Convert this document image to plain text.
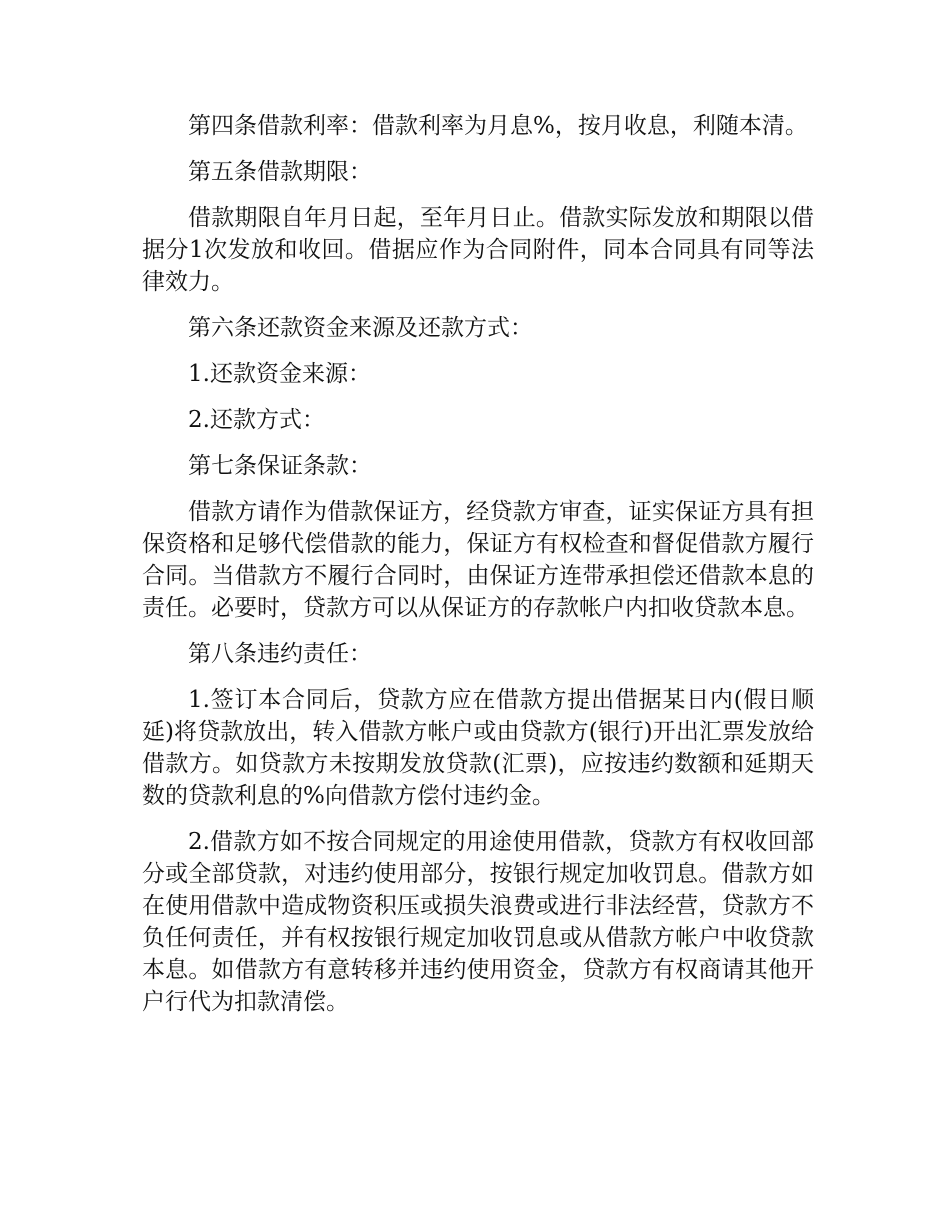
第四条借款利率：借款利率为月息%，按月收息，利随本清。

第五条借款期限：

借款期限自年月日起，至年月日止。借款实际发放和期限以借据分1次发放和收回。借据应作为合同附件，同本合同具有同等法律效力。

第六条还款资金来源及还款方式：

1.还款资金来源：

2.还款方式：

第七条保证条款：

借款方请作为借款保证方，经贷款方审查，证实保证方具有担保资格和足够代偿借款的能力，保证方有权检查和督促借款方履行合同。当借款方不履行合同时，由保证方连带承担偿还借款本息的责任。必要时，贷款方可以从保证方的存款帐户内扣收贷款本息。

第八条违约责任：

1.签订本合同后，贷款方应在借款方提出借据某日内(假日顺延)将贷款放出，转入借款方帐户或由贷款方(银行)开出汇票发放给借款方。如贷款方未按期发放贷款(汇票)，应按违约数额和延期天数的贷款利息的%向借款方偿付违约金。

2.借款方如不按合同规定的用途使用借款，贷款方有权收回部分或全部贷款，对违约使用部分，按银行规定加收罚息。借款方如在使用借款中造成物资积压或损失浪费或进行非法经营，贷款方不负任何责任，并有权按银行规定加收罚息或从借款方帐户中收贷款本息。如借款方有意转移并违约使用资金，贷款方有权商请其他开户行代为扣款清偿。
